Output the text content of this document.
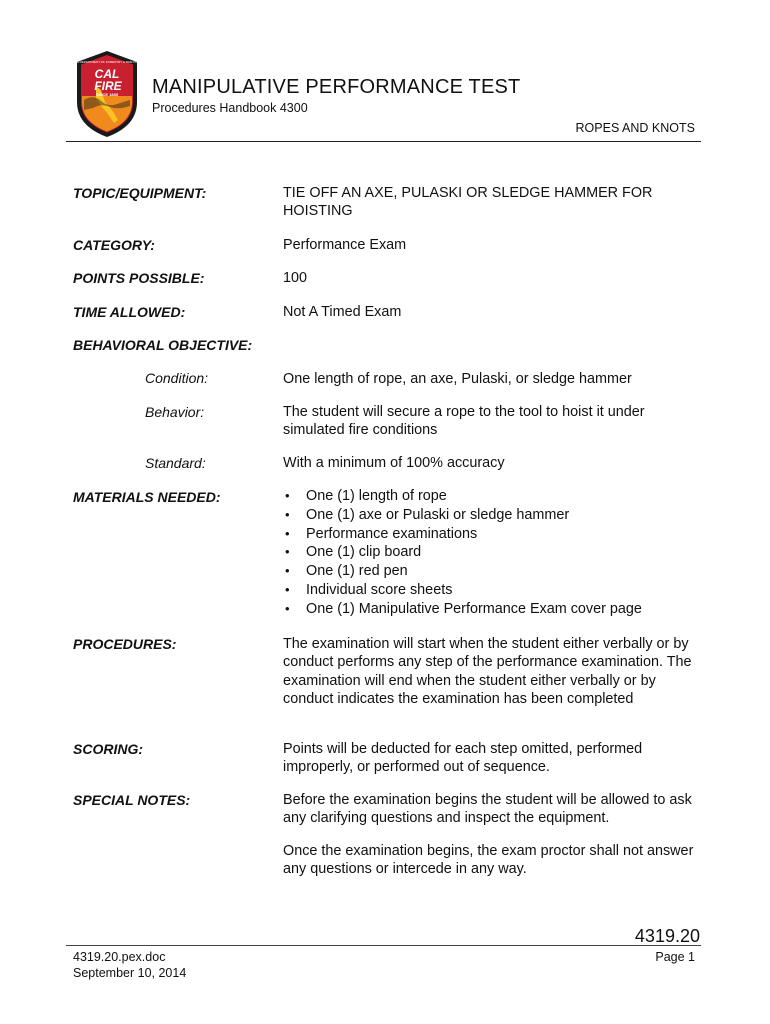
CALIFORNIA DEPARTMENT OF FORESTRY & FIRE PROTECTION
CAL
FIRE
SINCE 1885 MANIPULATIVE PERFORMANCE TEST
Procedures Handbook 4300
ROPES AND KNOTS
TOPIC/EQUIPMENT:	TIE OFF AN AXE, PULASKI OR SLEDGE HAMMER FOR HOISTING
CATEGORY:	Performance Exam
POINTS POSSIBLE:	100
TIME ALLOWED:	Not A Timed Exam
BEHAVIORAL OBJECTIVE:
Condition:	One length of rope, an axe, Pulaski, or sledge hammer
Behavior:	The student will secure a rope to the tool to hoist it under simulated fire conditions
Standard:	With a minimum of 100% accuracy
MATERIALS NEEDED:
•	One (1) length of rope
• One (1) axe or Pulaski or sledge hammer
• Performance examinations
• One (1) clip board
• One (1) red pen
• Individual score sheets
• One (1) Manipulative Performance Exam cover page
PROCEDURES:	The examination will start when the student either verbally or by conduct performs any step of the performance examination. The examination will end when the student either verbally or by conduct indicates the examination has been completed
SCORING:	Points will be deducted for each step omitted, performed improperly, or performed out of sequence.
SPECIAL NOTES:	Before the examination begins the student will be allowed to ask any clarifying questions and inspect the equipment.
Once the examination begins, the exam proctor shall not answer any questions or intercede in any way.
4319.20
4319.20.pex.doc
September 10, 2014
Page 1
